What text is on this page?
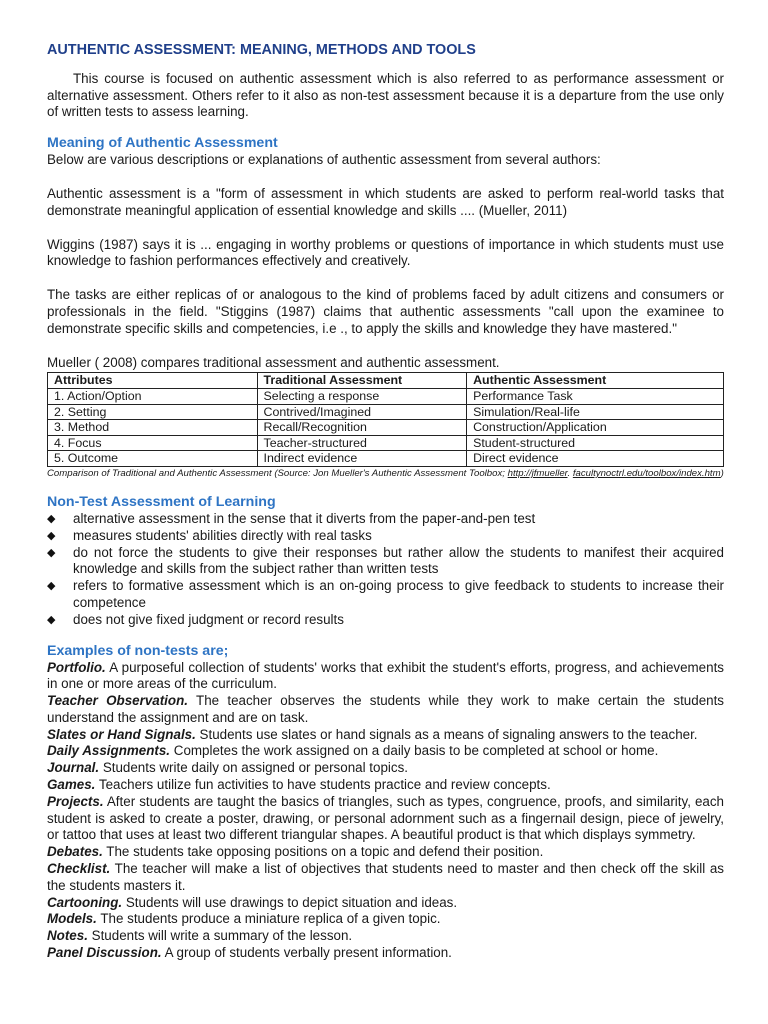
AUTHENTIC ASSESSMENT: MEANING, METHODS AND TOOLS

This course is focused on authentic assessment which is also referred to as performance assessment or alternative assessment. Others refer to it also as non-test assessment because it is a departure from the use only of written tests to assess learning.

Meaning of Authentic Assessment

Below are various descriptions or explanations of authentic assessment from several authors:

Authentic assessment is a "form of assessment in which students are asked to perform real-world tasks that demonstrate meaningful application of essential knowledge and skills .... (Mueller, 2011)

Wiggins (1987) says it is ... engaging in worthy problems or questions of importance in which students must use knowledge to fashion performances effectively and creatively.

The tasks are either replicas of or analogous to the kind of problems faced by adult citizens and consumers or professionals in the field. "Stiggins (1987) claims that authentic assessments "call upon the examinee to demonstrate specific skills and competencies, i.e ., to apply the skills and knowledge they have mastered."

Mueller ( 2008) compares traditional assessment and authentic assessment.

Attributes	Traditional Assessment	Authentic Assessment
1. Action/Option	Selecting a response	Performance Task
2. Setting	Contrived/Imagined	Simulation/Real-life
3. Method	Recall/Recognition	Construction/Application
4. Focus	Teacher-structured	Student-structured
5. Outcome	Indirect evidence	Direct evidence
Comparison of Traditional and Authentic Assessment (Source: Jon Mueller's Authentic Assessment Toolbox; http://jfmueller. facultynoctrl.edu/toolbox/index.htm)
Non-Test Assessment of Learning
◆ alternative assessment in the sense that it diverts from the paper-and-pen test
◆ measures students' abilities directly with real tasks
◆ do not force the students to give their responses but rather allow the students to manifest their acquired knowledge and skills from the subject rather than written tests
◆ refers to formative assessment which is an on-going process to give feedback to students to increase their competence
◆ does not give fixed judgment or record results
Examples of non-tests are;

Portfolio. A purposeful collection of students' works that exhibit the student's efforts, progress, and achievements in one or more areas of the curriculum.

Teacher Observation. The teacher observes the students while they work to make certain the students understand the assignment and are on task.

Slates or Hand Signals. Students use slates or hand signals as a means of signaling answers to the teacher.

Daily Assignments. Completes the work assigned on a daily basis to be completed at school or home.

Journal. Students write daily on assigned or personal topics.

Games. Teachers utilize fun activities to have students practice and review concepts.

Projects. After students are taught the basics of triangles, such as types, congruence, proofs, and similarity, each student is asked to create a poster, drawing, or personal adornment such as a fingernail design, piece of jewelry, or tattoo that uses at least two different triangular shapes. A beautiful product is that which displays symmetry.

Debates. The students take opposing positions on a topic and defend their position.

Checklist. The teacher will make a list of objectives that students need to master and then check off the skill as the students masters it.

Cartooning. Students will use drawings to depict situation and ideas.

Models. The students produce a miniature replica of a given topic.

Notes. Students will write a summary of the lesson.

Panel Discussion. A group of students verbally present information.
